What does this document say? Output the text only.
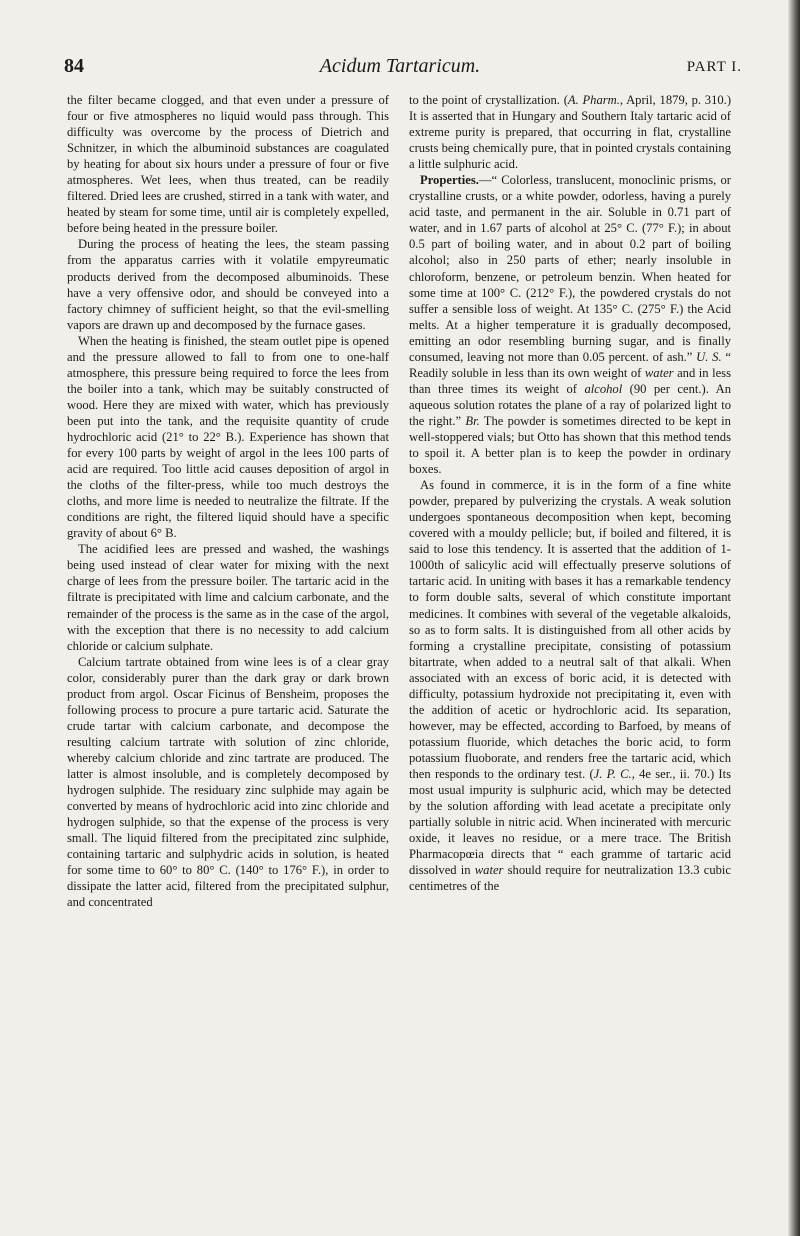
84	Acidum Tartaricum.	PART I.

the filter became clogged, and that even under a pressure of four or five atmospheres no liquid would pass through. This difficulty was overcome by the process of Dietrich and Schnitzer, in which the albuminoid substances are coagulated by heating for about six hours under a pressure of four or five atmospheres. Wet lees, when thus treated, can be readily filtered. Dried lees are crushed, stirred in a tank with water, and heated by steam for some time, until air is completely expelled, before being heated in the pressure boiler.

During the process of heating the lees, the steam passing from the apparatus carries with it volatile empyreumatic products derived from the decomposed albuminoids. These have a very offensive odor, and should be conveyed into a factory chimney of sufficient height, so that the evil-smelling vapors are drawn up and decomposed by the furnace gases.

When the heating is finished, the steam outlet pipe is opened and the pressure allowed to fall to from one to one-half atmosphere, this pressure being required to force the lees from the boiler into a tank, which may be suitably constructed of wood. Here they are mixed with water, which has previously been put into the tank, and the requisite quantity of crude hydrochloric acid (21° to 22° B.). Experience has shown that for every 100 parts by weight of argol in the lees 100 parts of acid are required. Too little acid causes deposition of argol in the cloths of the filter-press, while too much destroys the cloths, and more lime is needed to neutralize the filtrate. If the conditions are right, the filtered liquid should have a specific gravity of about 6° B.

The acidified lees are pressed and washed, the washings being used instead of clear water for mixing with the next charge of lees from the pressure boiler. The tartaric acid in the filtrate is precipitated with lime and calcium carbonate, and the remainder of the process is the same as in the case of the argol, with the exception that there is no necessity to add calcium chloride or calcium sulphate.

Calcium tartrate obtained from wine lees is of a clear gray color, considerably purer than the dark gray or dark brown product from argol. Oscar Ficinus of Bensheim, proposes the following process to procure a pure tartaric acid. Saturate the crude tartar with calcium carbonate, and decompose the resulting calcium tartrate with solution of zinc chloride, whereby calcium chloride and zinc tartrate are produced. The latter is almost insoluble, and is completely decomposed by hydrogen sulphide. The residuary zinc sulphide may again be converted by means of hydrochloric acid into zinc chloride and hydrogen sulphide, so that the expense of the process is very small. The liquid filtered from the precipitated zinc sulphide, containing tartaric and sulphydric acids in solution, is heated for some time to 60° to 80° C. (140° to 176° F.), in order to dissipate the latter acid, filtered from the precipitated sulphur, and concentrated

to the point of crystallization. (A. Pharm., April, 1879, p. 310.) It is asserted that in Hungary and Southern Italy tartaric acid of extreme purity is prepared, that occurring in flat, crystalline crusts being chemically pure, that in pointed crystals containing a little sulphuric acid.

Properties.—“ Colorless, translucent, monoclinic prisms, or crystalline crusts, or a white powder, odorless, having a purely acid taste, and permanent in the air. Soluble in 0.71 part of water, and in 1.67 parts of alcohol at 25° C. (77° F.); in about 0.5 part of boiling water, and in about 0.2 part of boiling alcohol; also in 250 parts of ether; nearly insoluble in chloroform, benzene, or petroleum benzin. When heated for some time at 100° C. (212° F.), the powdered crystals do not suffer a sensible loss of weight. At 135° C. (275° F.) the Acid melts. At a higher temperature it is gradually decomposed, emitting an odor resembling burning sugar, and is finally consumed, leaving not more than 0.05 percent. of ash.” U. S. “ Readily soluble in less than its own weight of water and in less than three times its weight of alcohol (90 per cent.). An aqueous solution rotates the plane of a ray of polarized light to the right.” Br. The powder is sometimes directed to be kept in well-stoppered vials; but Otto has shown that this method tends to spoil it. A better plan is to keep the powder in ordinary boxes.

As found in commerce, it is in the form of a fine white powder, prepared by pulverizing the crystals. A weak solution undergoes spontaneous decomposition when kept, becoming covered with a mouldy pellicle; but, if boiled and filtered, it is said to lose this tendency. It is asserted that the addition of 1-1000th of salicylic acid will effectually preserve solutions of tartaric acid. In uniting with bases it has a remarkable tendency to form double salts, several of which constitute important medicines. It combines with several of the vegetable alkaloids, so as to form salts. It is distinguished from all other acids by forming a crystalline precipitate, consisting of potassium bitartrate, when added to a neutral salt of that alkali. When associated with an excess of boric acid, it is detected with difficulty, potassium hydroxide not precipitating it, even with the addition of acetic or hydrochloric acid. Its separation, however, may be effected, according to Barfoed, by means of potassium fluoride, which detaches the boric acid, to form potassium fluoborate, and renders free the tartaric acid, which then responds to the ordinary test. (J. P. C., 4e ser., ii. 70.) Its most usual impurity is sulphuric acid, which may be detected by the solution affording with lead acetate a precipitate only partially soluble in nitric acid. When incinerated with mercuric oxide, it leaves no residue, or a mere trace. The British Pharmacopœia directs that “ each gramme of tartaric acid dissolved in water should require for neutralization 13.3 cubic centimetres of the
